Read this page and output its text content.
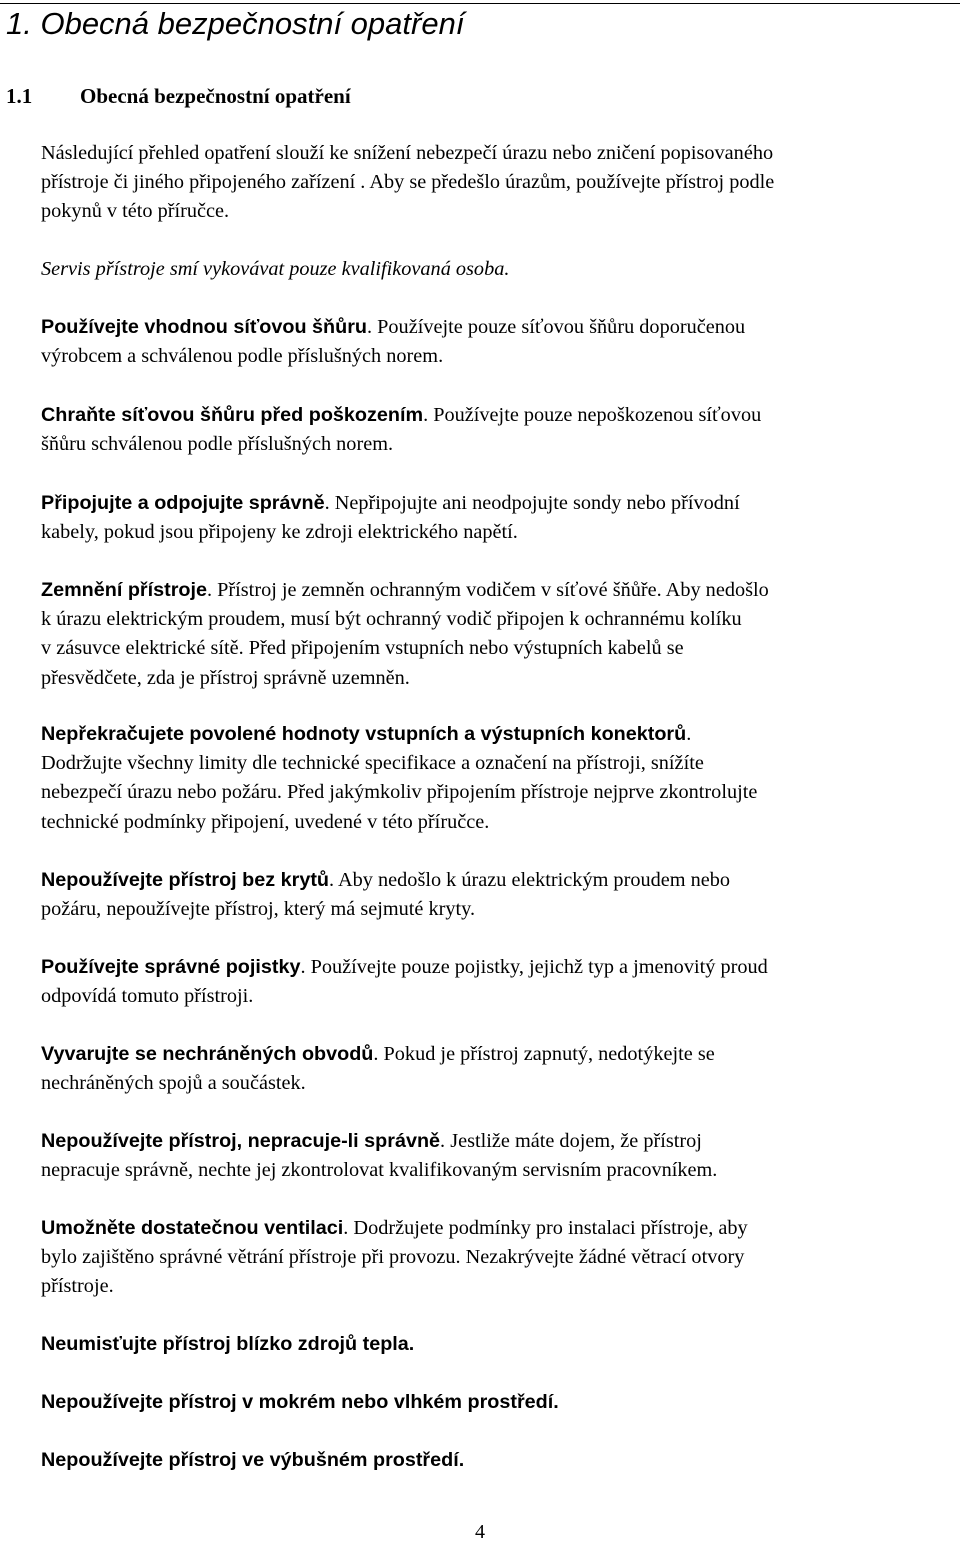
1. Obecná bezpečnostní opatření
1.1 Obecná bezpečnostní opatření
Následující přehled opatření slouží ke snížení nebezpečí úrazu nebo zničení popisovaného
přístroje či jiného připojeného zařízení . Aby se předešlo úrazům, používejte přístroj podle
pokynů v této příručce.
Servis přístroje smí vykovávat pouze kvalifikovaná osoba.
Používejte vhodnou síťovou šňůru. Používejte pouze síťovou šňůru doporučenou
výrobcem a schválenou podle příslušných norem.
Chraňte síťovou šňůru před poškozením. Používejte pouze nepoškozenou síťovou
šňůru schválenou podle příslušných norem.
Připojujte a odpojujte správně. Nepřipojujte ani neodpojujte sondy nebo přívodní
kabely, pokud jsou připojeny ke zdroji elektrického napětí.
Zemnění přístroje. Přístroj je zemněn ochranným vodičem v síťové šňůře. Aby nedošlo
k úrazu elektrickým proudem, musí být ochranný vodič připojen k ochrannému kolíku
v zásuvce elektrické sítě. Před připojením vstupních nebo výstupních kabelů se
přesvědčete, zda je přístroj správně uzemněn.
Nepřekračujete povolené hodnoty vstupních a výstupních konektorů.
Dodržujte všechny limity dle technické specifikace a označení na přístroji, snížíte
nebezpečí úrazu nebo požáru. Před jakýmkoliv připojením přístroje nejprve zkontrolujte
technické podmínky připojení, uvedené v této příručce.
Nepoužívejte přístroj bez krytů. Aby nedošlo k úrazu elektrickým proudem nebo
požáru, nepoužívejte přístroj, který má sejmuté kryty.
Používejte správné pojistky. Používejte pouze pojistky, jejichž typ a jmenovitý proud
odpovídá tomuto přístroji.
Vyvarujte se nechráněných obvodů. Pokud je přístroj zapnutý, nedotýkejte se
nechráněných spojů a součástek.
Nepoužívejte přístroj, nepracuje-li správně. Jestliže máte dojem, že přístroj
nepracuje správně, nechte jej zkontrolovat kvalifikovaným servisním pracovníkem.
Umožněte dostatečnou ventilaci. Dodržujete podmínky pro instalaci přístroje, aby
bylo zajištěno správné větrání přístroje při provozu. Nezakrývejte žádné větrací otvory
přístroje.
Neumisťujte přístroj blízko zdrojů tepla.
Nepoužívejte přístroj v mokrém nebo vlhkém prostředí.
Nepoužívejte přístroj ve výbušném prostředí.
4
